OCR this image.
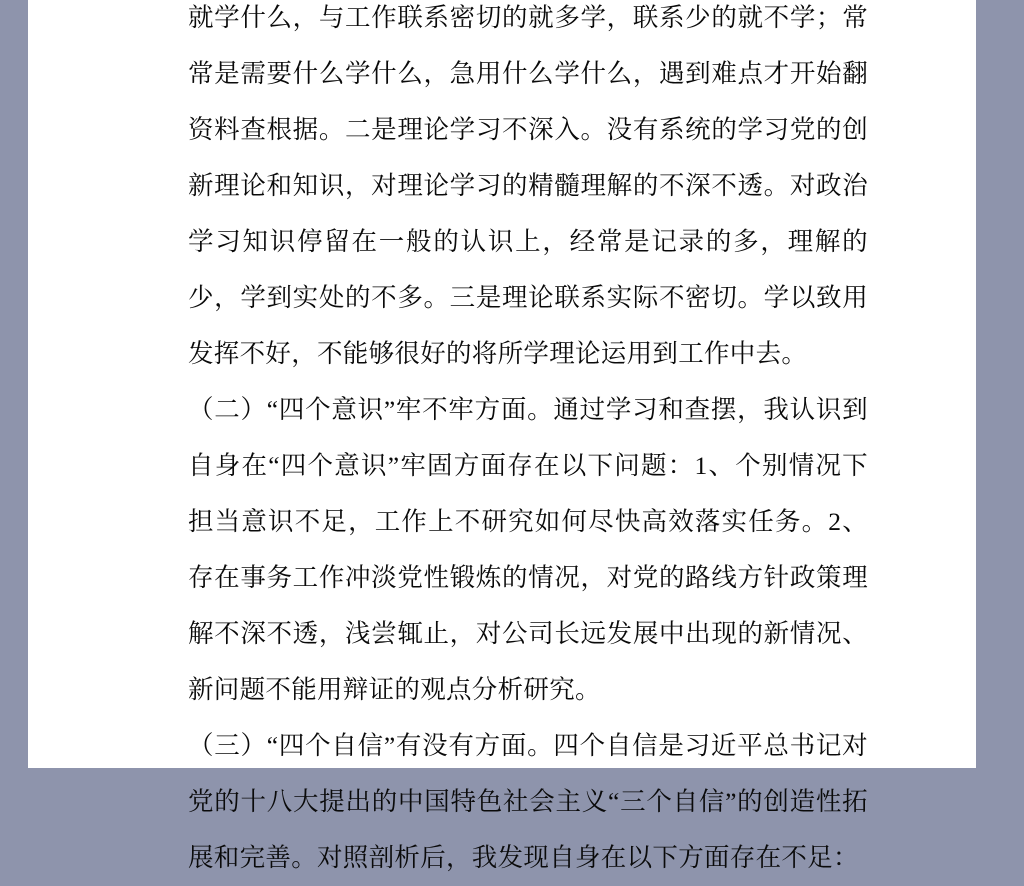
就学什么，与工作联系密切的就多学，联系少的就不学；常常是需要什么学什么，急用什么学什么，遇到难点才开始翻资料查根据。二是理论学习不深入。没有系统的学习党的创新理论和知识，对理论学习的精髓理解的不深不透。对政治学习知识停留在一般的认识上，经常是记录的多，理解的少，学到实处的不多。三是理论联系实际不密切。学以致用发挥不好，不能够很好的将所学理论运用到工作中去。

（二）“四个意识”牢不牢方面。通过学习和查摆，我认识到自身在“四个意识”牢固方面存在以下问题：1、个别情况下担当意识不足，工作上不研究如何尽快高效落实任务。2、存在事务工作冲淡党性锻炼的情况，对党的路线方针政策理解不深不透，浅尝辄止，对公司长远发展中出现的新情况、新问题不能用辩证的观点分析研究。

（三）“四个自信”有没有方面。四个自信是习近平总书记对党的十八大提出的中国特色社会主义“三个自信”的创造性拓展和完善。对照剖析后，我发现自身在以下方面存在不足：
